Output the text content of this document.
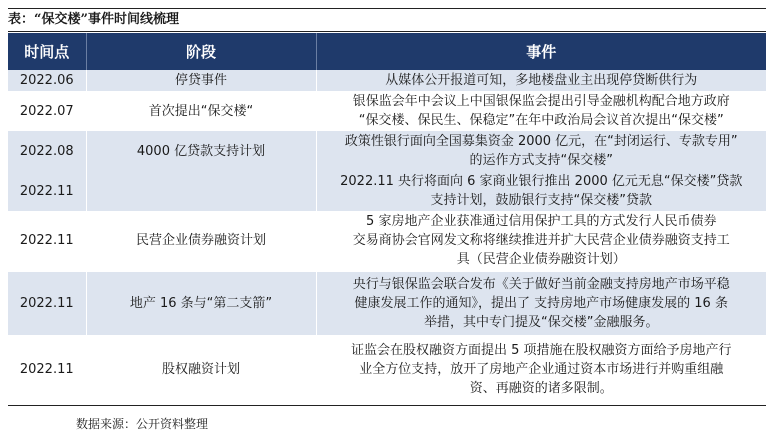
表：“保交楼”事件时间线梳理
时间点	阶段	事件
2022.06	停贷事件	从媒体公开报道可知，多地楼盘业主出现停贷断供行为

2022.07	首次提出“保交楼“	银保监会年中会议上中国银保监会提出引导金融机构配合地方政府
“保交楼、保民生、保稳定”在年中政治局会议首次提出“保交楼”

2022.08	4000 亿贷款支持计划	政策性银行面向全国募集资金 2000 亿元，在“封闭运行、专款专用”
的运作方式支持“保交楼”

2022.11		2022.11 央行将面向 6 家商业银行推出 2000 亿元无息“保交楼”贷款
支持计划，鼓励银行支持“保交楼”贷款

2022.11	民营企业债券融资计划	5 家房地产企业获准通过信用保护工具的方式发行人民币债券
交易商协会官网发文称将继续推进并扩大民营企业债券融资支持工
具（民营企业债券融资计划）

2022.11	地产 16 条与“第二支箭”	央行与银保监会联合发布《关于做好当前金融支持房地产市场平稳
健康发展工作的通知》，提出了 支持房地产市场健康发展的 16 条
举措，其中专门提及“保交楼”金融服务。

2022.11	股权融资计划	证监会在股权融资方面提出 5 项措施在股权融资方面给予房地产行
业全方位支持，放开了房地产企业通过资本市场进行并购重组融
资、再融资的诸多限制。
数据来源：公开资料整理
